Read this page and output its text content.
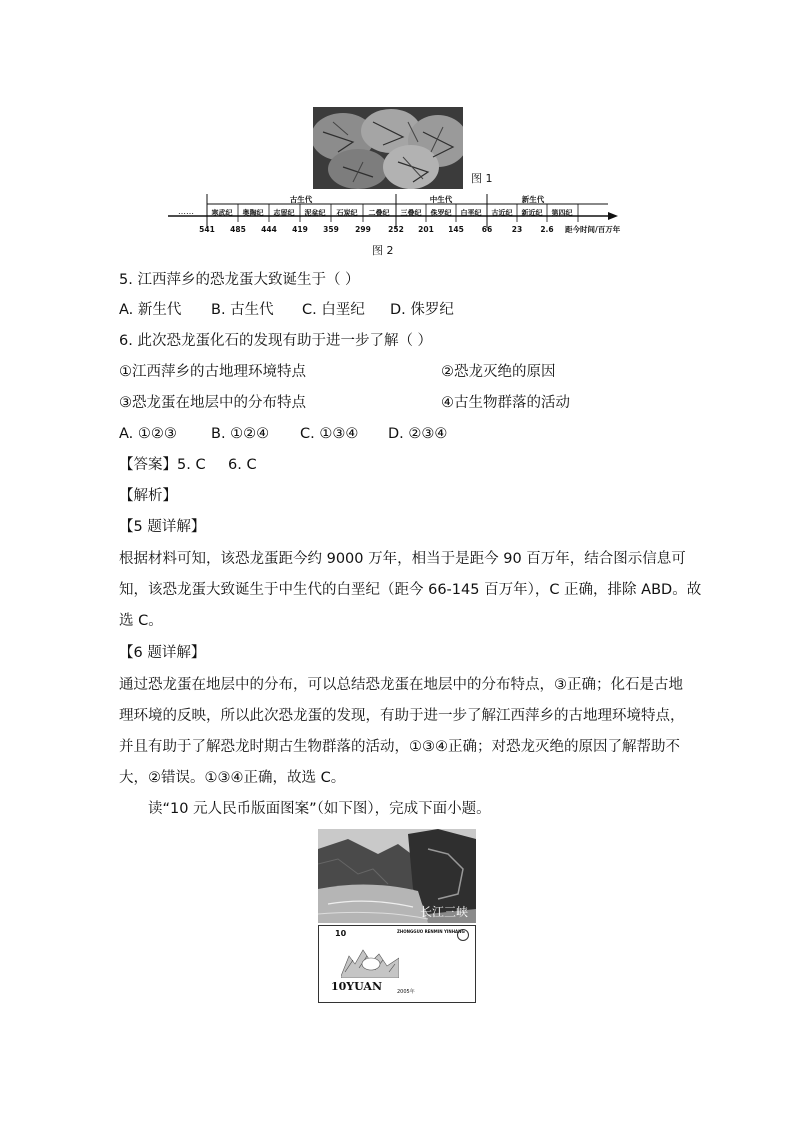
图 1
……
古生代	中生代	新生代
寒武纪 奥陶纪 志留纪 泥盆纪 石炭纪 二叠纪 三叠纪 侏罗纪 白垩纪 古近纪 新近纪 第四纪
541 485 444 419 359 299 252 201 145 66	23 2.6 距今时间/百万年
图 2
5. 江西萍乡的恐龙蛋大致诞生于（ ）
A. 新生代 B. 古生代 C. 白垩纪 D. 侏罗纪
6. 此次恐龙蛋化石的发现有助于进一步了解（ ）
①江西萍乡的古地理环境特点	②恐龙灭绝的原因
③恐龙蛋在地层中的分布特点	④古生物群落的活动
A. ①②③ B. ①②④ C. ①③④ D. ②③④
【答案】5. C 6. C
【解析】
【5 题详解】
根据材料可知，该恐龙蛋距今约 9000 万年，相当于是距今 90 百万年，结合图示信息可
知，该恐龙蛋大致诞生于中生代的白垩纪（距今 66-145 百万年），C 正确，排除 ABD。故
选 C。
【6 题详解】
通过恐龙蛋在地层中的分布，可以总结恐龙蛋在地层中的分布特点，③正确；化石是古地
理环境的反映，所以此次恐龙蛋的发现，有助于进一步了解江西萍乡的古地理环境特点，
并且有助于了解恐龙时期古生物群落的活动，①③④正确；对恐龙灭绝的原因了解帮助不
大，②错误。①③④正确，故选 C。
读“10 元人民币版面图案”（如下图），完成下面小题。
长江三峡
10	ZHONGGUO RENMIN YINHANG
10YUAN	2005年
